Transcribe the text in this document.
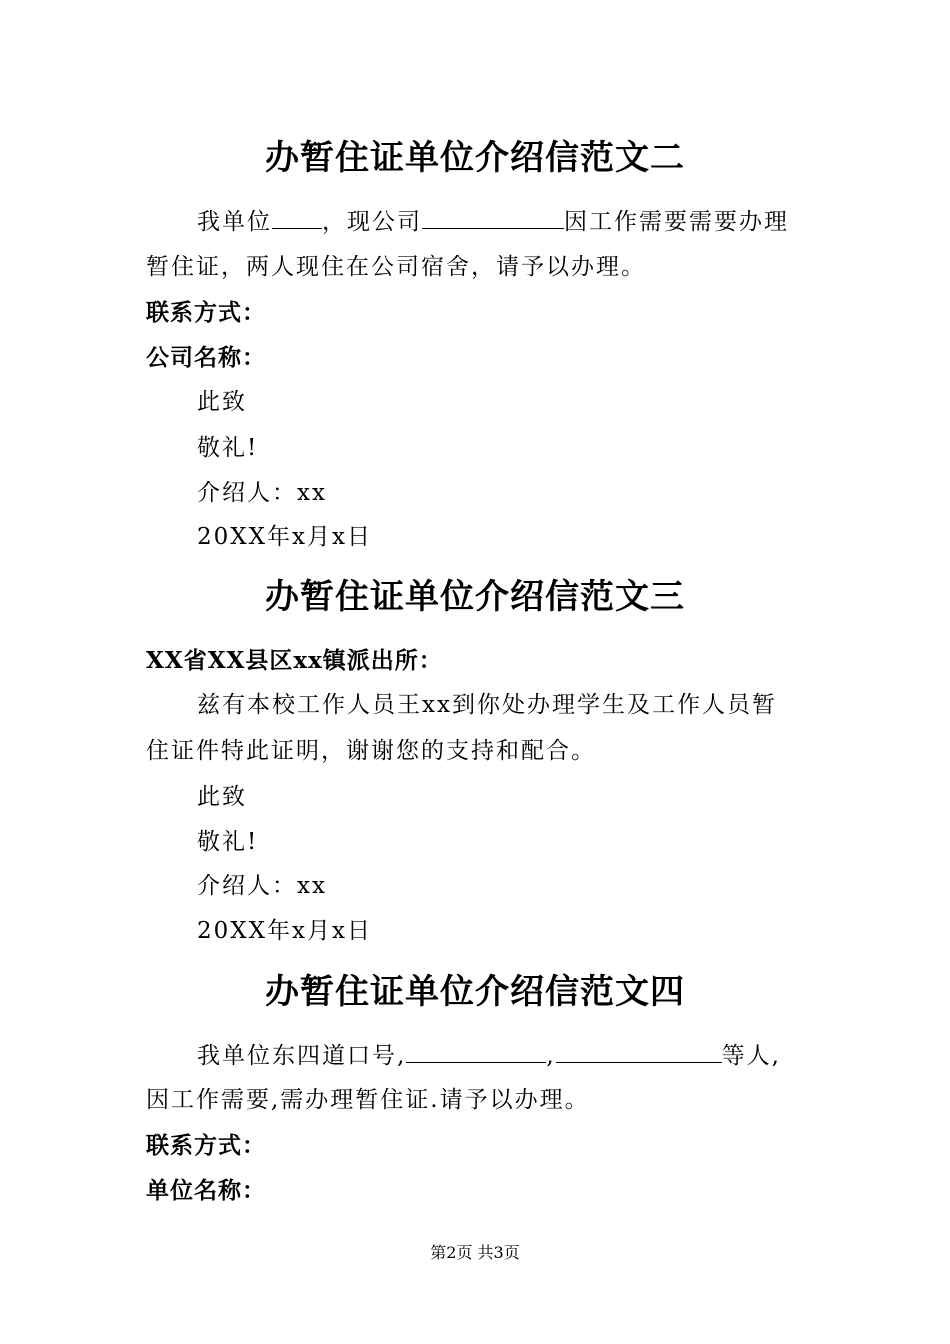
办暂住证单位介绍信范文二
我单位 ，现公司	因工作需要需要办理
暂住证，两人现住在公司宿舍，请予以办理。
联系方式：
公司名称：
此致
敬礼!
介绍人：xx
20XX年x月x日
办暂住证单位介绍信范文三
XX省XX县区xx镇派出所：
兹有本校工作人员王xx到你处办理学生及工作人员暂
住证件特此证明，谢谢您的支持和配合。
此致
敬礼!
介绍人：xx
20XX年x月x日
办暂住证单位介绍信范文四
我单位东四道口号,	,	等人,
因工作需要,需办理暂住证.请予以办理。
联系方式：
单位名称：
第2页 共3页
